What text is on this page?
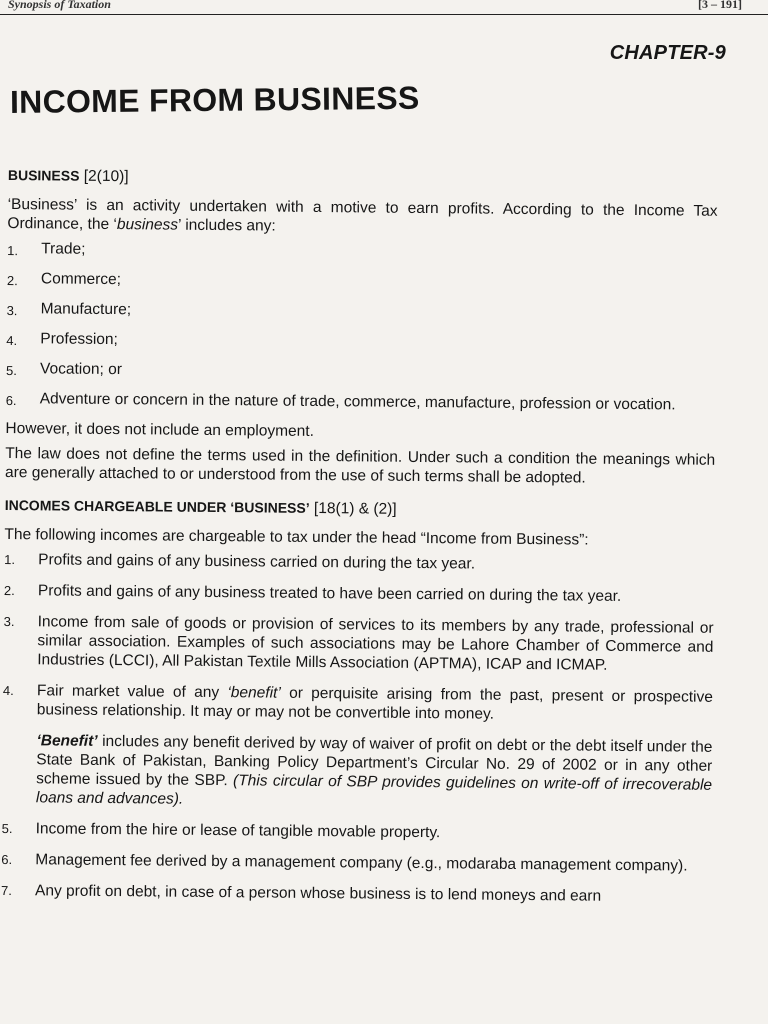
Synopsis of Taxation	[3 – 191]
CHAPTER-9
INCOME FROM BUSINESS
BUSINESS [2(10)]

‘Business’ is an activity undertaken with a motive to earn profits. According to the Income Tax Ordinance, the ‘business’ includes any:

1.	Trade;
2.	Commerce;
3.	Manufacture;
4.	Profession;
5.	Vocation; or
6.	Adventure or concern in the nature of trade, commerce, manufacture, profession or vocation.

However, it does not include an employment.

The law does not define the terms used in the definition. Under such a condition the meanings which are generally attached to or understood from the use of such terms shall be adopted.

INCOMES CHARGEABLE UNDER ‘BUSINESS’ [18(1) & (2)]

The following incomes are chargeable to tax under the head “Income from Business”:

1.	Profits and gains of any business carried on during the tax year.
2.	Profits and gains of any business treated to have been carried on during the tax year.
3.	Income from sale of goods or provision of services to its members by any trade, professional or similar association. Examples of such associations may be Lahore Chamber of Commerce and Industries (LCCI), All Pakistan Textile Mills Association (APTMA), ICAP and ICMAP.
4.	Fair market value of any ‘benefit’ or perquisite arising from the past, present or prospective business relationship. It may or may not be convertible into money.

‘Benefit’ includes any benefit derived by way of waiver of profit on debt or the debt itself under the State Bank of Pakistan, Banking Policy Department’s Circular No. 29 of 2002 or in any other scheme issued by the SBP. (This circular of SBP provides guidelines on write-off of irrecoverable loans and advances).

5.	Income from the hire or lease of tangible movable property.
6.	Management fee derived by a management company (e.g., modaraba management company).
7.	Any profit on debt, in case of a person whose business is to lend moneys and earn
